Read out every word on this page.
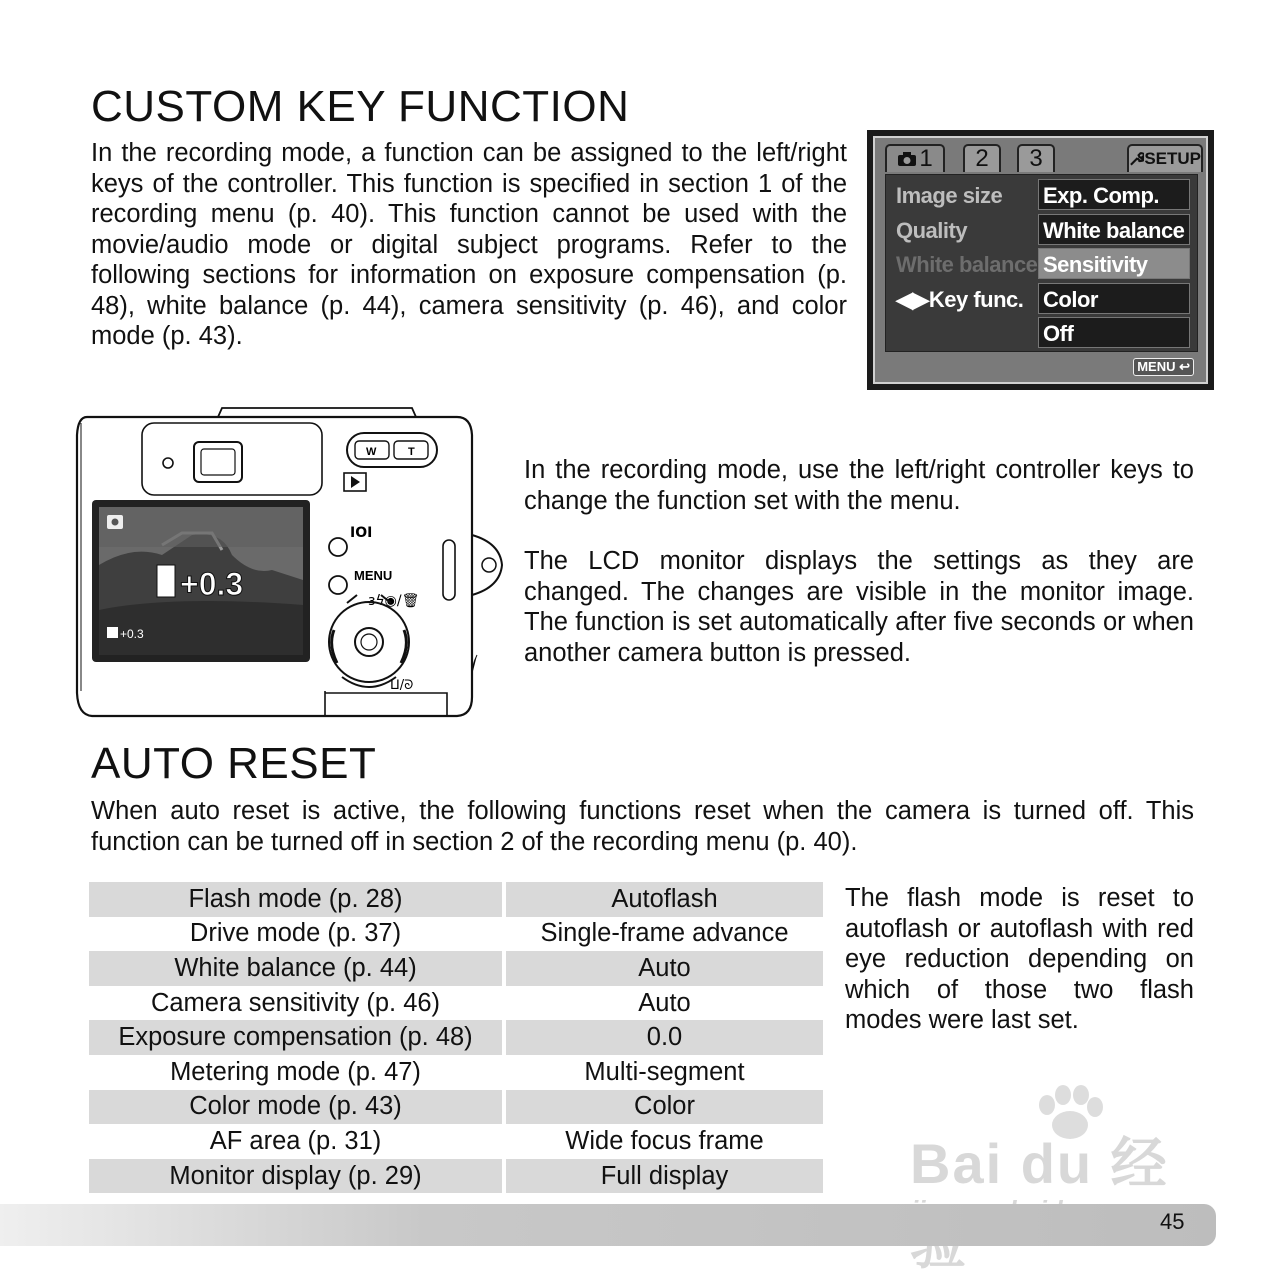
CUSTOM KEY FUNCTION

In the recording mode, a function can be assigned to the left/right keys of the controller. This function is specified in section 1 of the recording menu (p. 40). This function cannot be used with the movie/audio mode or digital subject programs. Refer to the following sections for information on exposure compensation (p. 48), white balance (p. 44), camera sensitivity (p. 46), and color mode (p. 43).

1 2 3	SETUP
Image size
Quality
White balance
◀▶Key func.
Exp. Comp.
White balance
Sensitivity
Color
Off
MENU ↩
W	T
+0.3
+0.3
IOI
MENU
ɜϟ◉/🗑
ⵡ/ᘐ

In the recording mode, use the left/right controller keys to change the function set with the menu.

The LCD monitor displays the settings as they are changed. The changes are visible in the monitor image. The function is set automatically after five seconds or when another camera button is pressed.

AUTO RESET

When auto reset is active, the following functions reset when the camera is turned off. This function can be turned off in section 2 of the recording menu (p. 40).

Flash mode (p. 28)	Autoflash
Drive mode (p. 37)	Single-frame advance
White balance (p. 44)	Auto
Camera sensitivity (p. 46)	Auto
Exposure compensation (p. 48)	0.0
Metering mode (p. 47)	Multi-segment
Color mode (p. 43)	Color
AF area (p. 31)	Wide focus frame
Monitor display (p. 29)	Full display

The flash mode is reset to autoflash or autoflash with red eye reduction depending on which of those two flash modes were last set.

Bai du 经
45
